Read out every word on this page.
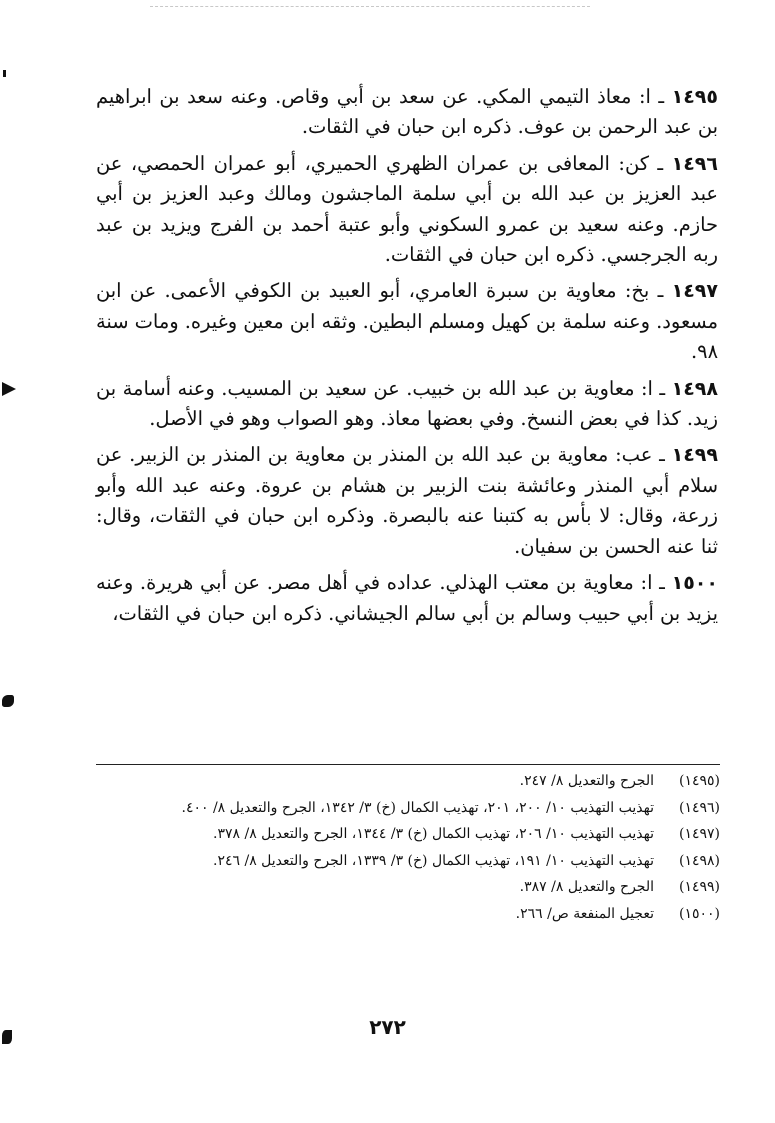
١٤٩٥ ـ ا: معاذ التيمي المكي. عن سعد بن أبي وقاص. وعنه سعد بن ابراهيم بن عبد الرحمن بن عوف. ذكره ابن حبان في الثقات.

١٤٩٦ ـ كن: المعافى بن عمران الظهري الحميري، أبو عمران الحمصي، عن عبد العزيز بن عبد الله بن أبي سلمة الماجشون ومالك وعبد العزيز بن أبي حازم. وعنه سعيد بن عمرو السكوني وأبو عتبة أحمد بن الفرج ويزيد بن عبد ربه الجرجسي. ذكره ابن حبان في الثقات.

١٤٩٧ ـ بخ: معاوية بن سبرة العامري، أبو العبيد بن الكوفي الأعمى. عن ابن مسعود. وعنه سلمة بن كهيل ومسلم البطين. وثقه ابن معين وغيره. ومات سنة ٩٨.

١٤٩٨ ـ ا: معاوية بن عبد الله بن خبيب. عن سعيد بن المسيب. وعنه أسامة بن زيد. كذا في بعض النسخ. وفي بعضها معاذ. وهو الصواب وهو في الأصل.

١٤٩٩ ـ عب: معاوية بن عبد الله بن المنذر بن معاوية بن المنذر بن الزبير. عن سلام أبي المنذر وعائشة بنت الزبير بن هشام بن عروة. وعنه عبد الله وأبو زرعة، وقال: لا بأس به كتبنا عنه بالبصرة. وذكره ابن حبان في الثقات، وقال: ثنا عنه الحسن بن سفيان.

١٥٠٠ ـ ا: معاوية بن معتب الهذلي. عداده في أهل مصر. عن أبي هريرة. وعنه يزيد بن أبي حبيب وسالم بن أبي سالم الجيشاني. ذكره ابن حبان في الثقات،

(١٤٩٥)
الجرح والتعديل ٨/ ٢٤٧.
(١٤٩٦)
تهذيب التهذيب ١٠/ ٢٠٠، ٢٠١، تهذيب الكمال (خ) ٣/ ١٣٤٢، الجرح والتعديل ٨/ ٤٠٠.
(١٤٩٧)
تهذيب التهذيب ١٠/ ٢٠٦، تهذيب الكمال (خ) ٣/ ١٣٤٤، الجرح والتعديل ٨/ ٣٧٨.
(١٤٩٨)
تهذيب التهذيب ١٠/ ١٩١، تهذيب الكمال (خ) ٣/ ١٣٣٩، الجرح والتعديل ٨/ ٢٤٦.
(١٤٩٩)
الجرح والتعديل ٨/ ٣٨٧.
(١٥٠٠)
تعجيل المنفعة ص/ ٢٦٦.
٢٧٢
